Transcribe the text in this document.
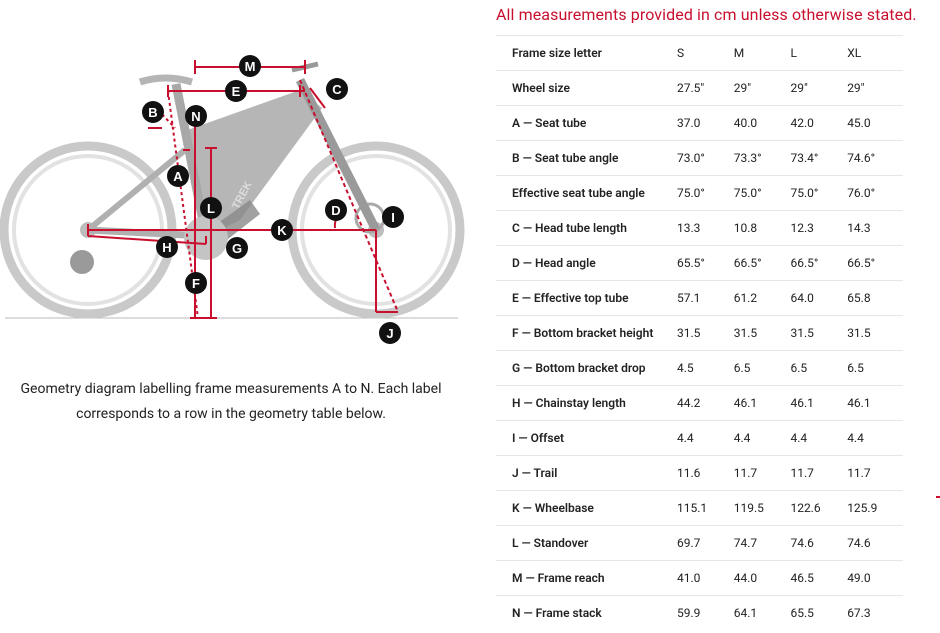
All measurements provided in cm unless otherwise stated.
TREK
M
E	C
B	N
A
L	D	I
K
H	G
F
J
Geometry diagram labelling frame measurements A to N. Each label corresponds to a row in the geometry table below.
Frame size letter	S	M	L	XL
Wheel size	27.5"	29"	29"	29"
A — Seat tube	37.0	40.0	42.0	45.0
B — Seat tube angle	73.0°	73.3°	73.4°	74.6°
Effective seat tube angle	75.0°	75.0°	75.0°	76.0°
C — Head tube length	13.3	10.8	12.3	14.3
D — Head angle	65.5°	66.5°	66.5°	66.5°
E — Effective top tube	57.1	61.2	64.0	65.8
F — Bottom bracket height	31.5	31.5	31.5	31.5
G — Bottom bracket drop	4.5	6.5	6.5	6.5
H — Chainstay length	44.2	46.1	46.1	46.1
I — Offset	4.4	4.4	4.4	4.4
J — Trail	11.6	11.7	11.7	11.7
K — Wheelbase	115.1	119.5	122.6	125.9
L — Standover	69.7	74.7	74.6	74.6
M — Frame reach	41.0	44.0	46.5	49.0
N — Frame stack	59.9	64.1	65.5	67.3
